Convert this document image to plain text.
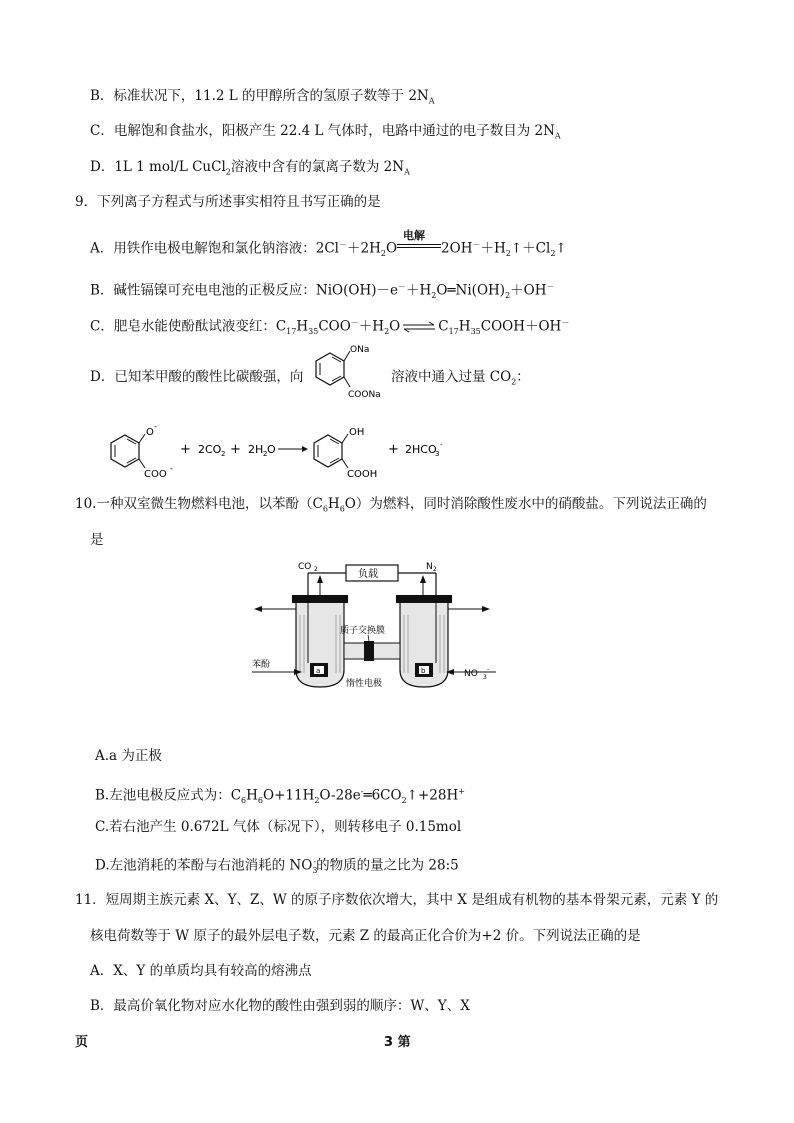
B．标准状况下，11.2 L 的甲醇所含的氢原子数等于 $2N_A$
C．电解饱和食盐水，阳极产生 22.4 L 气体时，电路中通过的电子数目为 $2N_A$
D．1L 1 mol/L CuCl$_2$溶液中含有的氯离子数为 $2N_A$
9．下列离子方程式与所述事实相符且书写正确的是
A．用铁作电极电解饱和氯化钠溶液：$2Cl^-+2H_2O$
电解
$2OH^-+H_2↑+Cl_2↑$
B．碱性镉镍可充电电池的正极反应：$NiO(OH)-e^-+H_2O═Ni(OH)_2+OH^-$
C．肥皂水能使酚酞试液变红：$C_{17}H_{35}COO^-+H_2O$ ⇌ $C_{17}H_{35}COOH+OH^-$
D．已知苯甲酸的酸性比碳酸强，向
ONa
COONa
溶液中通入过量 $CO_2$：
O
-
COO
-
+ 2CO 2 + 2H 2 O
OH
COOH
+ 2HCO
3
-
10.一种双室微生物燃料电池，以苯酚$(C_6H_6O)$为燃料，同时消除酸性废水中的硝酸盐。下列说法正确的
是
负载
CO 2	N 2
质子交换膜
a	b
苯酚
NO 3
-
惰性电极
A.a 为正极
B.左池电极反应式为：$C_6H_6O+11H_2O-28e^-═6CO_2↑+28H^+$
C.若右池产生 0.672L 气体（标况下），则转移电子 0.15mol
D.左池消耗的苯酚与右池消耗的 $NO_3^-$的物质的量之比为 28:5
11．短周期主族元素 X、Y、Z、W 的原子序数依次增大，其中 X 是组成有机物的基本骨架元素，元素 Y 的
核电荷数等于 W 原子的最外层电子数，元素 Z 的最高正化合价为+2 价。下列说法正确的是
A．X、Y 的单质均具有较高的熔沸点
B．最高价氧化物对应水化物的酸性由强到弱的顺序：W、Y、X
页	3 第
